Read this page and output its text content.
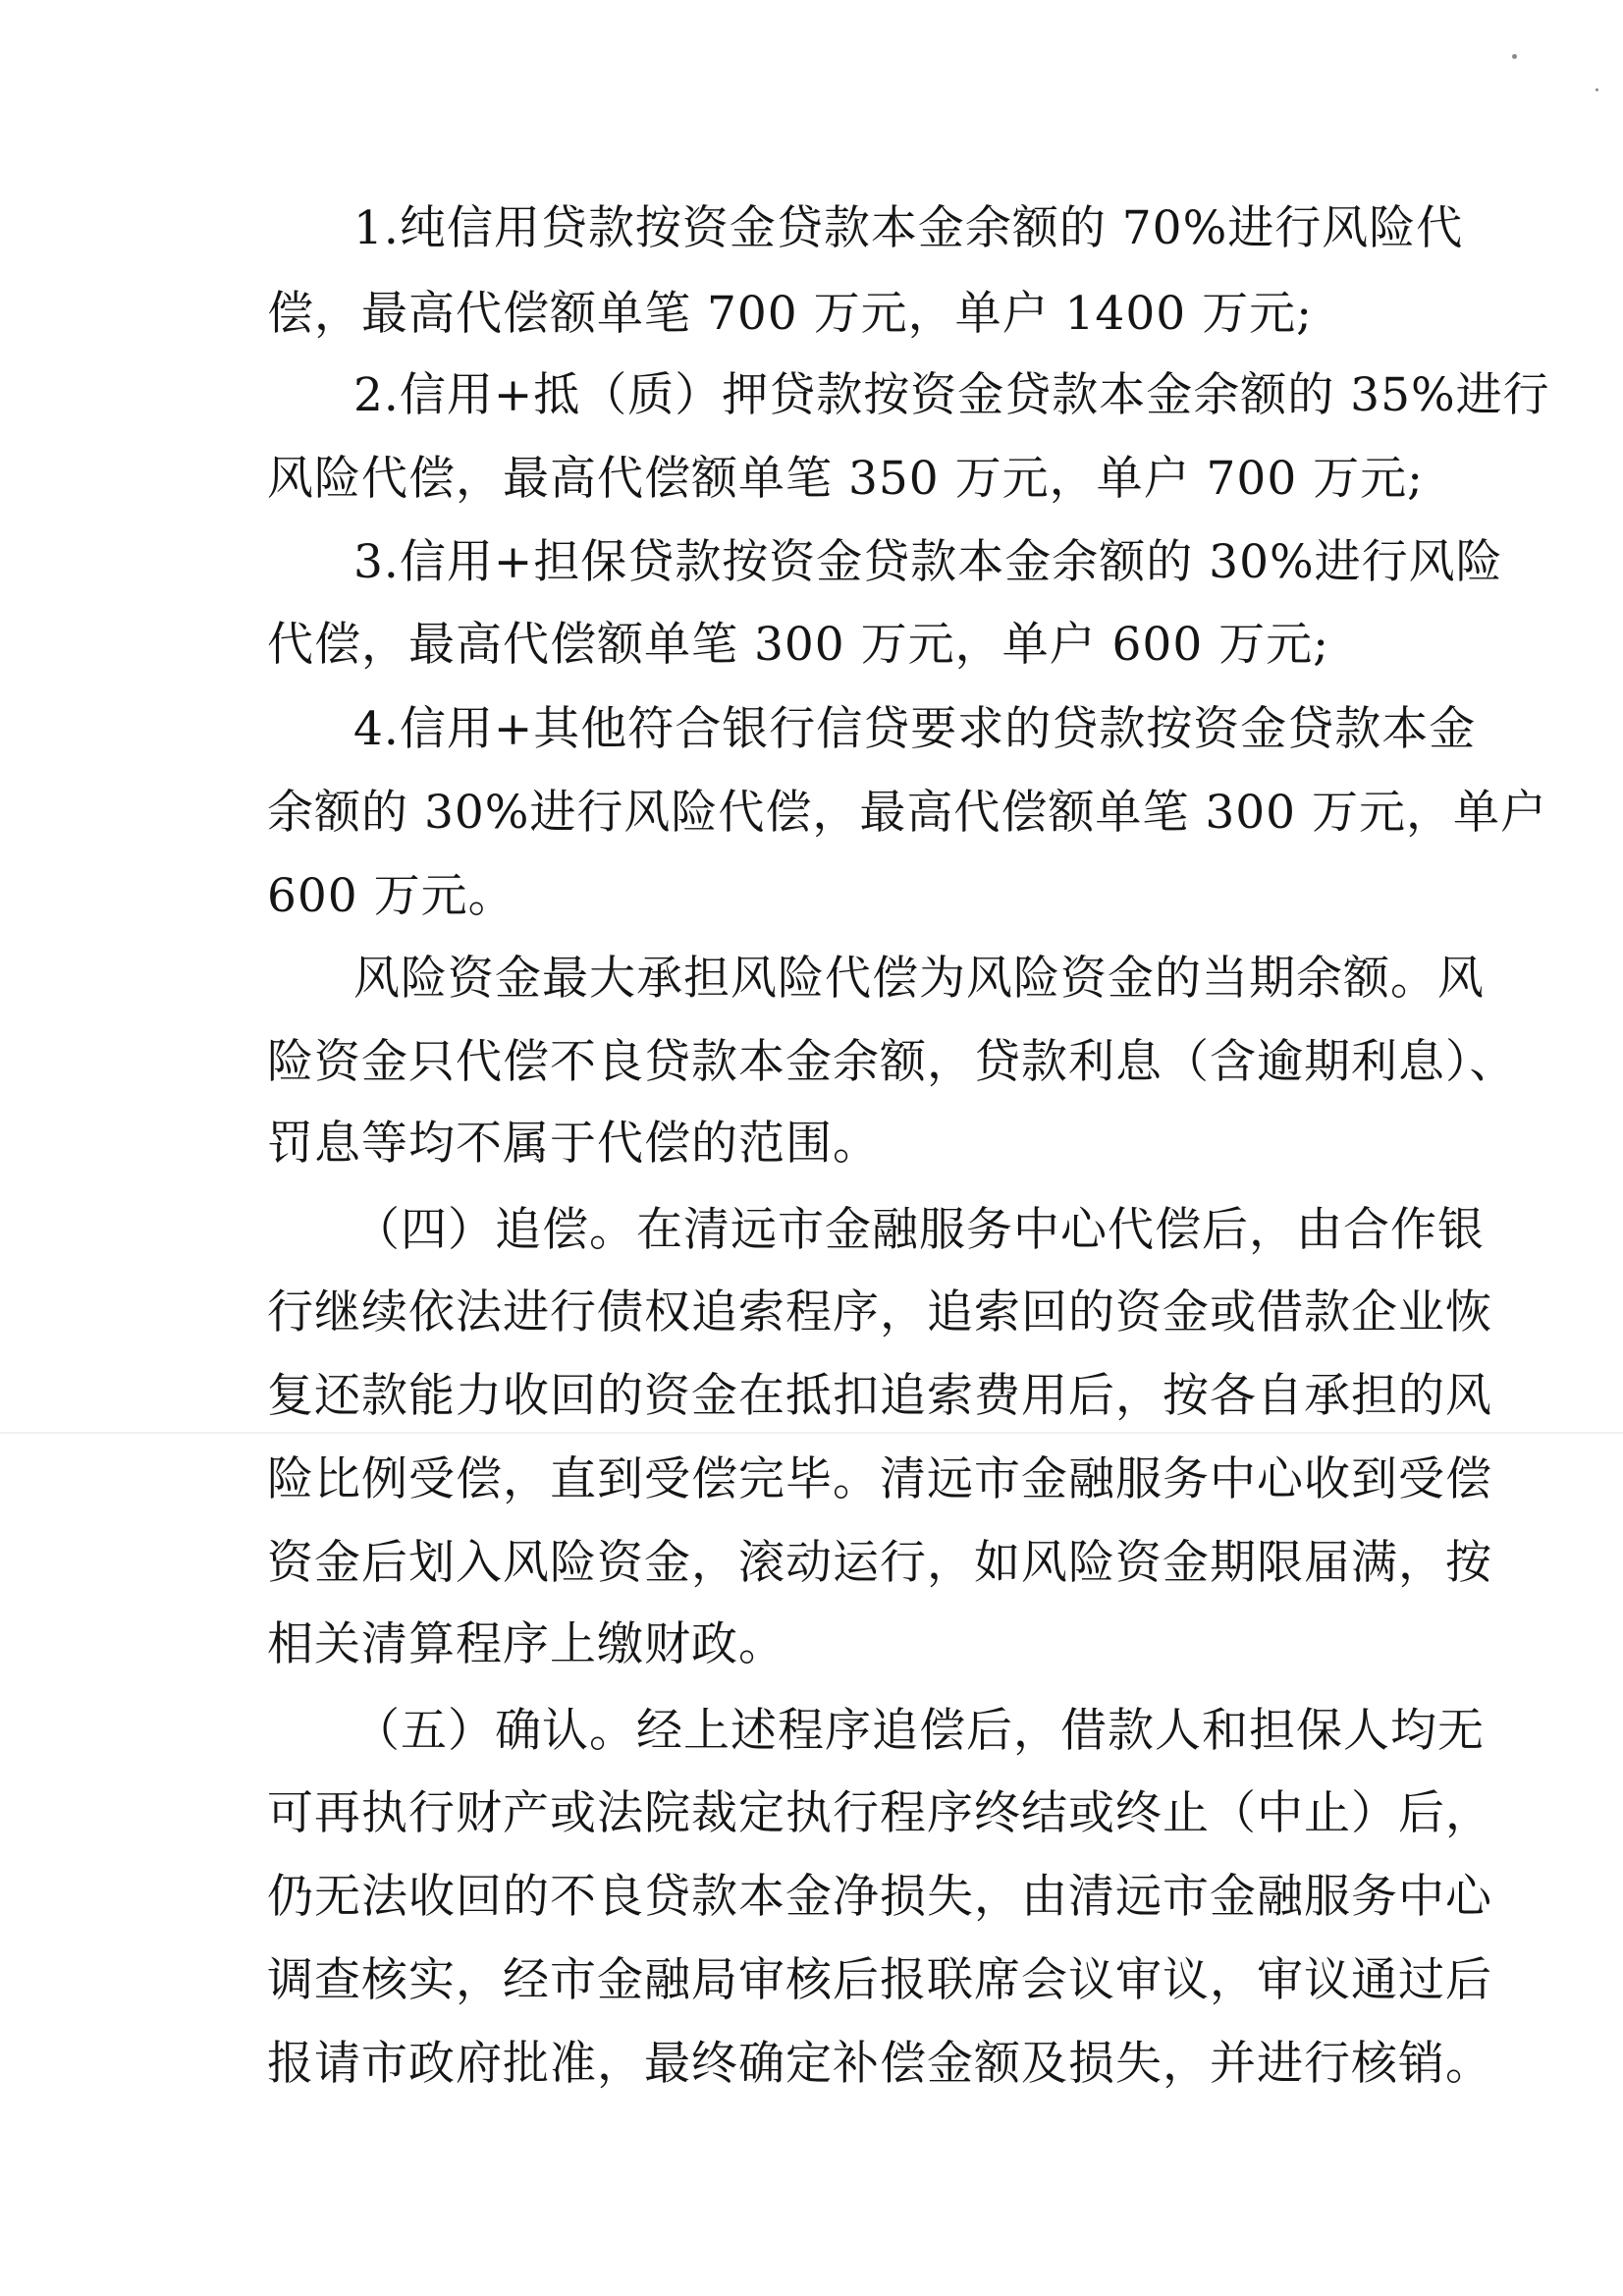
1.纯信用贷款按资金贷款本金余额的 70%进行风险代
偿，最高代偿额单笔 700 万元，单户 1400 万元;
2.信用+抵（质）押贷款按资金贷款本金余额的 35%进行
风险代偿，最高代偿额单笔 350 万元，单户 700 万元;
3.信用+担保贷款按资金贷款本金余额的 30%进行风险
代偿，最高代偿额单笔 300 万元，单户 600 万元;
4.信用+其他符合银行信贷要求的贷款按资金贷款本金
余额的 30%进行风险代偿，最高代偿额单笔 300 万元，单户
600 万元。
风险资金最大承担风险代偿为风险资金的当期余额。风
险资金只代偿不良贷款本金余额，贷款利息（含逾期利息）、
罚息等均不属于代偿的范围。
（四）追偿。在清远市金融服务中心代偿后，由合作银
行继续依法进行债权追索程序，追索回的资金或借款企业恢
复还款能力收回的资金在抵扣追索费用后，按各自承担的风
险比例受偿，直到受偿完毕。清远市金融服务中心收到受偿
资金后划入风险资金，滚动运行，如风险资金期限届满，按
相关清算程序上缴财政。
（五）确认。经上述程序追偿后，借款人和担保人均无
可再执行财产或法院裁定执行程序终结或终止（中止）后，
仍无法收回的不良贷款本金净损失，由清远市金融服务中心
调查核实，经市金融局审核后报联席会议审议，审议通过后
报请市政府批准，最终确定补偿金额及损失，并进行核销。
